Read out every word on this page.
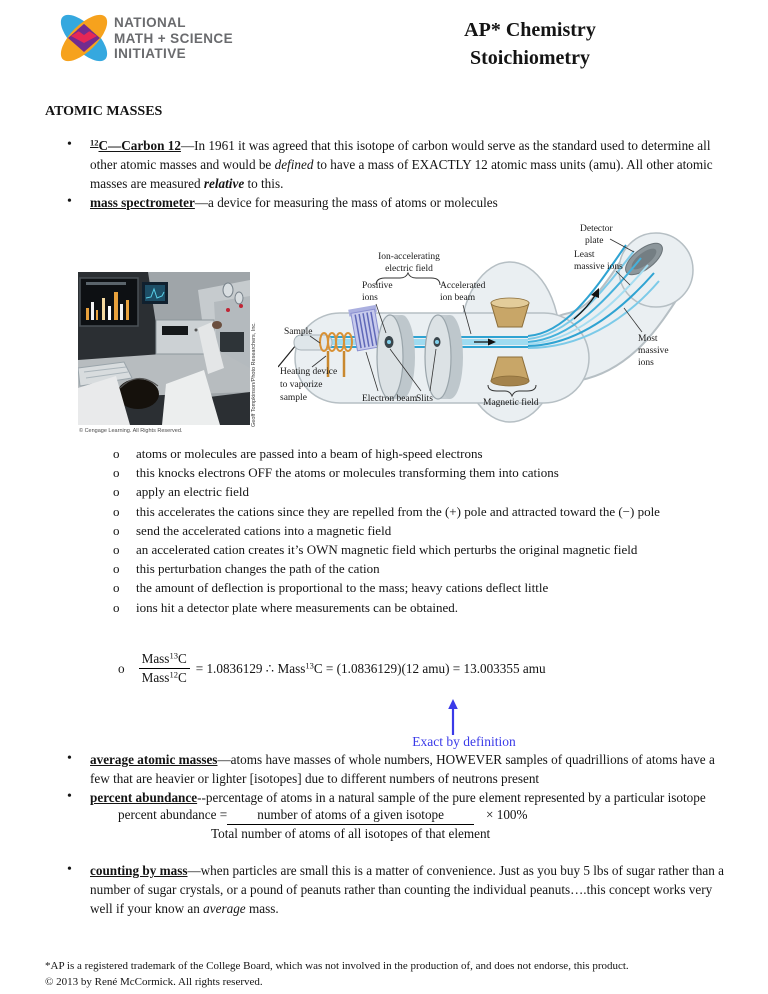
NATIONAL
MATH + SCIENCE
INITIATIVE
AP* Chemistry
Stoichiometry
ATOMIC MASSES
• $^{12}$C—Carbon 12—In 1961 it was agreed that this isotope of carbon would serve as the standard used to determine all other atomic masses and would be defined to have a mass of EXACTLY 12 atomic mass units (amu). All other atomic masses are measured relative to this.
• mass spectrometer—a device for measuring the mass of atoms or molecules
Geoff Tompkinson/Photo Researchers, Inc.
© Cengage Learning. All Rights Reserved.
Detector
plate
Least
massive ions
Ion-accelerating
electric field
Positive
ions
Accelerated
ion beam
Sample
Heating device
to vaporize
sample	Electron beam
Slits	Magnetic field
Most
massive
ions
o atoms or molecules are passed into a beam of high-speed electrons
o this knocks electrons OFF the atoms or molecules transforming them into cations
o apply an electric field
o this accelerates the cations since they are repelled from the (+) pole and attracted toward the (−) pole
o send the accelerated cations into a magnetic field
o an accelerated cation creates it’s OWN magnetic field which perturbs the original magnetic field
o this perturbation changes the path of the cation
o the amount of deflection is proportional to the mass; heavy cations deflect little
o ions hit a detector plate where measurements can be obtained.
o $\frac{Mass^{13}C}{Mass^{12}C} = 1.0836129$ ∴ Mass$^{13}$C = (1.0836129)(12 amu) = 13.003355 amu
Exact by definition
• average atomic masses—atoms have masses of whole numbers, HOWEVER samples of quadrillions of atoms have a few that are heavier or lighter [isotopes] due to different numbers of neutrons present
• percent abundance--percentage of atoms in a natural sample of the pure element represented by a particular isotope
percent abundance =	number of atoms of a given isotope
Total number of atoms of all isotopes of that element
× 100%
• counting by mass—when particles are small this is a matter of convenience. Just as you buy 5 lbs of sugar rather than a number of sugar crystals, or a pound of peanuts rather than counting the individual peanuts….this concept works very well if your know an average mass.
*AP is a registered trademark of the College Board, which was not involved in the production of, and does not endorse, this product.
© 2013 by René McCormick. All rights reserved.
